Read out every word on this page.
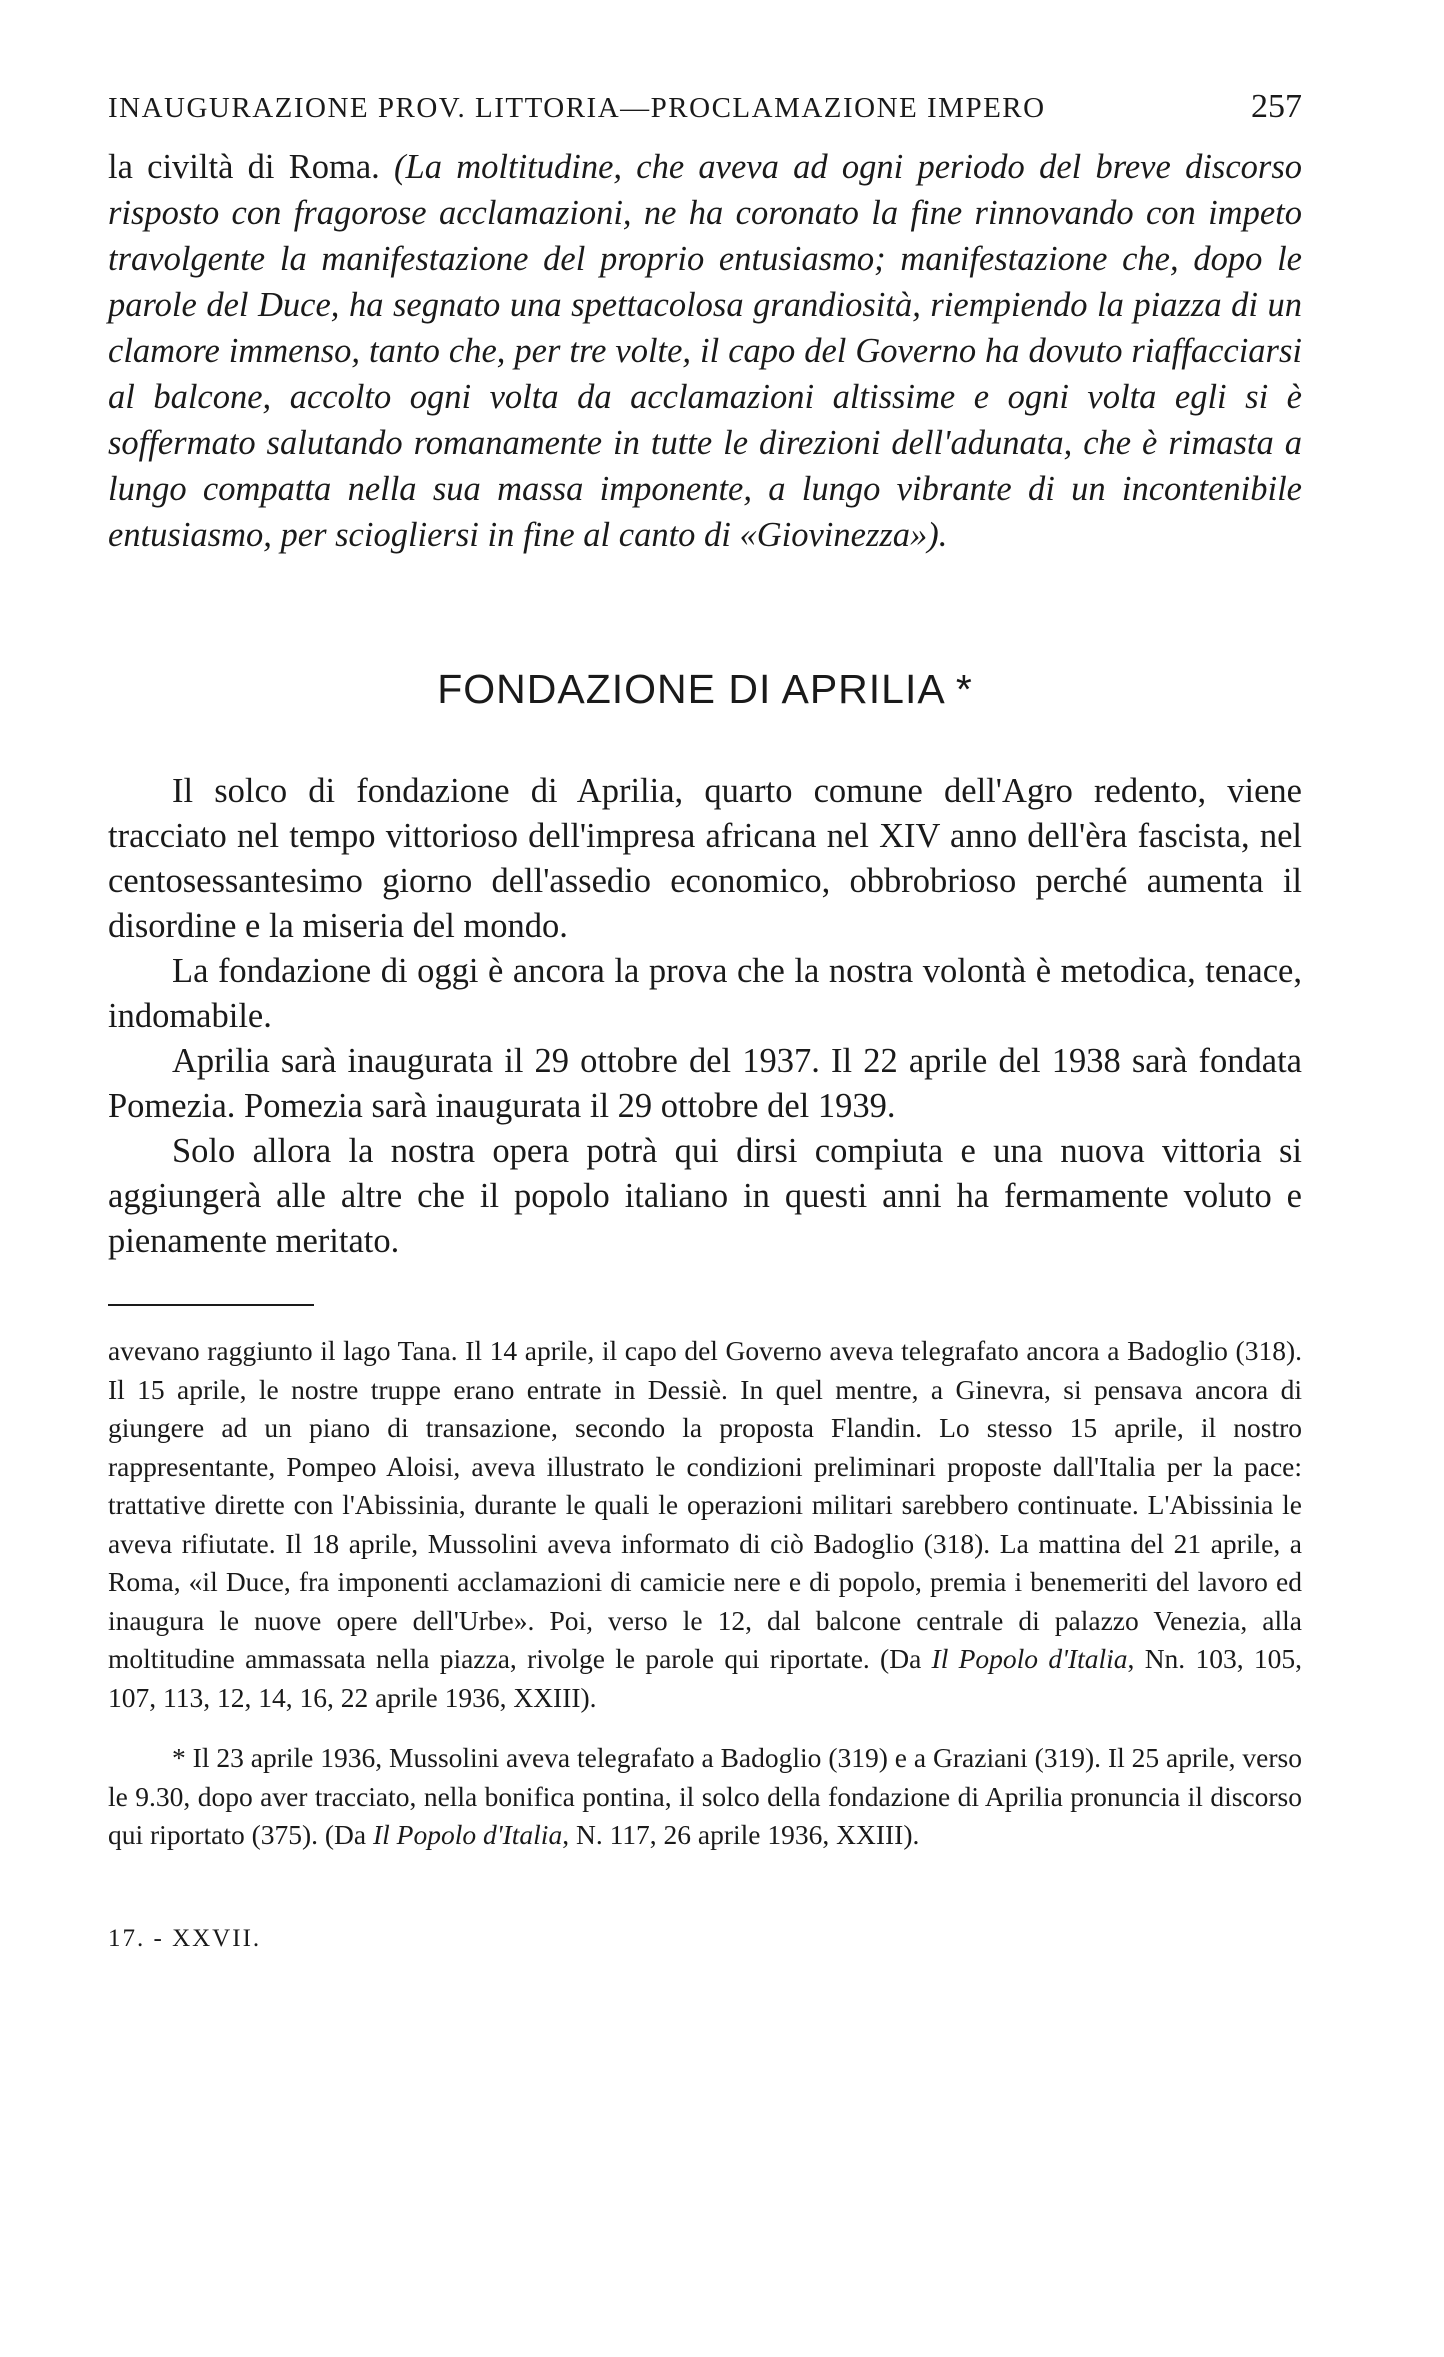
INAUGURAZIONE PROV. LITTORIA—PROCLAMAZIONE IMPERO	257

la civiltà di Roma. (La moltitudine, che aveva ad ogni periodo del breve discorso risposto con fragorose acclamazioni, ne ha coronato la fine rinnovando con impeto travolgente la manifestazione del proprio entusiasmo; manifestazione che, dopo le parole del Duce, ha segnato una spettacolosa grandiosità, riempiendo la piazza di un clamore immenso, tanto che, per tre volte, il capo del Governo ha dovuto riaffacciarsi al balcone, accolto ogni volta da acclamazioni altissime e ogni volta egli si è soffermato salutando romanamente in tutte le direzioni dell'adunata, che è rimasta a lungo compatta nella sua massa imponente, a lungo vibrante di un incontenibile entusiasmo, per sciogliersi in fine al canto di «Giovinezza»).

FONDAZIONE DI APRILIA *

Il solco di fondazione di Aprilia, quarto comune dell'Agro redento, viene tracciato nel tempo vittorioso dell'impresa africana nel XIV anno dell'èra fascista, nel centosessantesimo giorno dell'assedio economico, obbrobrioso perché aumenta il disordine e la miseria del mondo.

La fondazione di oggi è ancora la prova che la nostra volontà è metodica, tenace, indomabile.

Aprilia sarà inaugurata il 29 ottobre del 1937. Il 22 aprile del 1938 sarà fondata Pomezia. Pomezia sarà inaugurata il 29 ottobre del 1939.

Solo allora la nostra opera potrà qui dirsi compiuta e una nuova vittoria si aggiungerà alle altre che il popolo italiano in questi anni ha fermamente voluto e pienamente meritato.

avevano raggiunto il lago Tana. Il 14 aprile, il capo del Governo aveva telegrafato ancora a Badoglio (318). Il 15 aprile, le nostre truppe erano entrate in Dessiè. In quel mentre, a Ginevra, si pensava ancora di giungere ad un piano di transazione, secondo la proposta Flandin. Lo stesso 15 aprile, il nostro rappresentante, Pompeo Aloisi, aveva illustrato le condizioni preliminari proposte dall'Italia per la pace: trattative dirette con l'Abissinia, durante le quali le operazioni militari sarebbero continuate. L'Abissinia le aveva rifiutate. Il 18 aprile, Mussolini aveva informato di ciò Badoglio (318). La mattina del 21 aprile, a Roma, «il Duce, fra imponenti acclamazioni di camicie nere e di popolo, premia i benemeriti del lavoro ed inaugura le nuove opere dell'Urbe». Poi, verso le 12, dal balcone centrale di palazzo Venezia, alla moltitudine ammassata nella piazza, rivolge le parole qui riportate. (Da Il Popolo d'Italia, Nn. 103, 105, 107, 113, 12, 14, 16, 22 aprile 1936, XXIII).

* Il 23 aprile 1936, Mussolini aveva telegrafato a Badoglio (319) e a Graziani (319). Il 25 aprile, verso le 9.30, dopo aver tracciato, nella bonifica pontina, il solco della fondazione di Aprilia pronuncia il discorso qui riportato (375). (Da Il Popolo d'Italia, N. 117, 26 aprile 1936, XXIII).

17. - XXVII.
